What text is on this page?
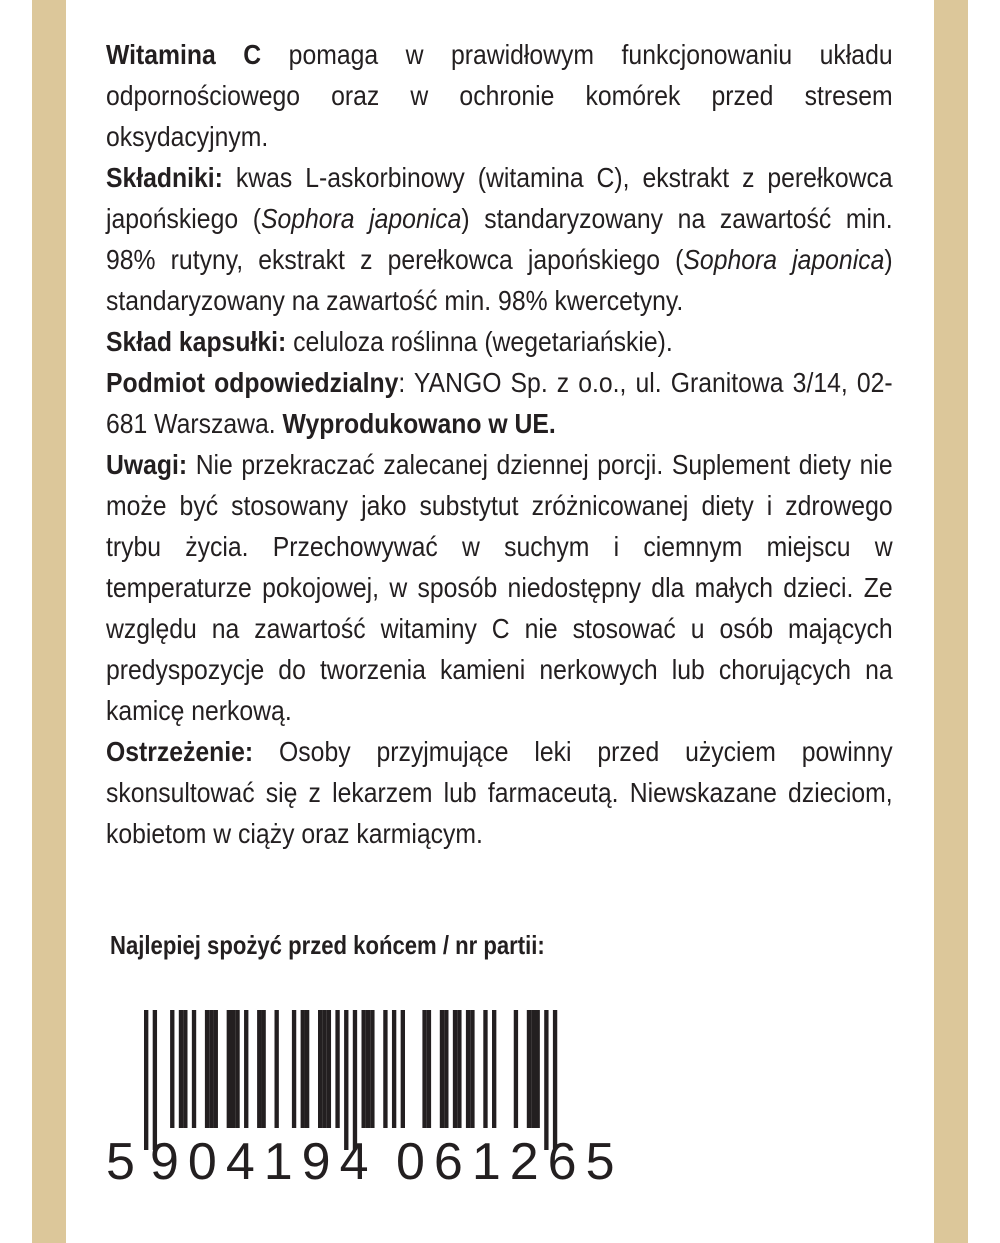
Witamina C pomaga w prawidłowym funkcjonowaniu układu odpornościowego oraz w ochronie komórek przed stresem oksydacyjnym.

Składniki: kwas L-askorbinowy (witamina C), ekstrakt z perełkowca japońskiego (Sophora japonica) standaryzowany na zawartość min. 98% rutyny, ekstrakt z perełkowca japońskiego (Sophora japonica) standaryzowany na zawartość min. 98% kwercetyny.

Skład kapsułki: celuloza roślinna (wegetariańskie).

Podmiot odpowiedzialny: YANGO Sp. z o.o., ul. Granitowa 3/14, 02-681 Warszawa. Wyprodukowano w UE.

Uwagi: Nie przekraczać zalecanej dziennej porcji. Suplement diety nie może być stosowany jako substytut zróżnicowanej diety i zdrowego trybu życia. Przechowywać w suchym i ciemnym miejscu w temperaturze pokojowej, w sposób niedostępny dla małych dzieci. Ze względu na zawartość witaminy C nie stosować u osób mających predyspozycje do tworzenia kamieni nerkowych lub chorujących na kamicę nerkową.

Ostrzeżenie: Osoby przyjmujące leki przed użyciem powinny skonsultować się z lekarzem lub farmaceutą. Niewskazane dzieciom, kobietom w ciąży oraz karmiącym.

Najlepiej spożyć przed końcem / nr partii:
5 904194 061265
